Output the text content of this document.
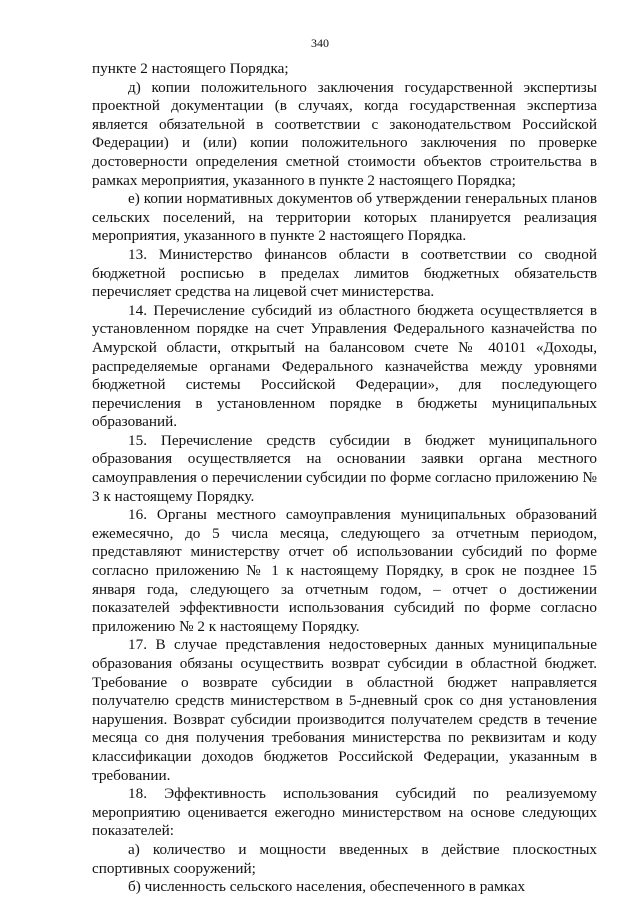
340

пункте 2 настоящего Порядка;

д) копии положительного заключения государственной экспертизы проектной документации (в случаях, когда государственная экспертиза является обязательной в соответствии с законодательством Российской Федерации) и (или) копии положительного заключения по проверке достоверности определения сметной стоимости объектов строительства в рамках мероприятия, указанного в пункте 2 настоящего Порядка;

е) копии нормативных документов об утверждении генеральных планов сельских поселений, на территории которых планируется реализация мероприятия, указанного в пункте 2 настоящего Порядка.

13. Министерство финансов области в соответствии со сводной бюджетной росписью в пределах лимитов бюджетных обязательств перечисляет средства на лицевой счет министерства.

14. Перечисление субсидий из областного бюджета осуществляется в установленном порядке на счет Управления Федерального казначейства по Амурской области, открытый на балансовом счете № 40101 «Доходы, распределяемые органами Федерального казначейства между уровнями бюджетной системы Российской Федерации», для последующего перечисления в установленном порядке в бюджеты муниципальных образований.

15. Перечисление средств субсидии в бюджет муниципального образования осуществляется на основании заявки органа местного самоуправления о перечислении субсидии по форме согласно приложению № 3 к настоящему Порядку.

16. Органы местного самоуправления муниципальных образований ежемесячно, до 5 числа месяца, следующего за отчетным периодом, представляют министерству отчет об использовании субсидий по форме согласно приложению № 1 к настоящему Порядку, в срок не позднее 15 января года, следующего за отчетным годом, – отчет о достижении показателей эффективности использования субсидий по форме согласно приложению № 2 к настоящему Порядку.

17. В случае представления недостоверных данных муниципальные образования обязаны осуществить возврат субсидии в областной бюджет. Требование о возврате субсидии в областной бюджет направляется получателю средств министерством в 5-дневный срок со дня установления нарушения. Возврат субсидии производится получателем средств в течение месяца со дня получения требования министерства по реквизитам и коду классификации доходов бюджетов Российской Федерации, указанным в требовании.

18. Эффективность использования субсидий по реализуемому мероприятию оценивается ежегодно министерством на основе следующих показателей:

а) количество и мощности введенных в действие плоскостных спортивных сооружений;

б) численность сельского населения, обеспеченного в рамках
